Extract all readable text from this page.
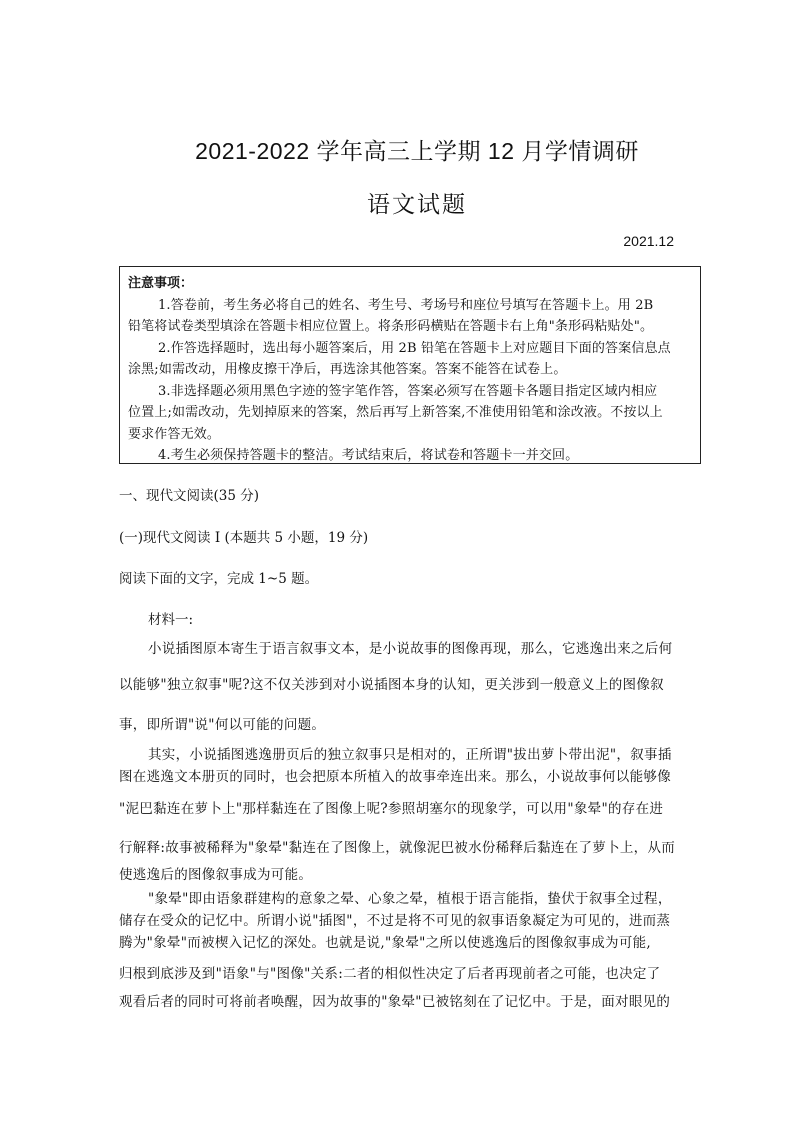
2021-2022 学年高三上学期 12 月学情调研
语文试题
2021.12
注意事项：
1.答卷前，考生务必将自己的姓名、考生号、考场号和座位号填写在答题卡上。用 2B
铅笔将试卷类型填涂在答题卡相应位置上。将条形码横贴在答题卡右上角"条形码粘贴处"。
2.作答选择题时，选出每小题答案后，用 2B 铅笔在答题卡上对应题目下面的答案信息点
涂黑;如需改动，用橡皮擦干净后，再选涂其他答案。答案不能答在试卷上。
3.非选择题必须用黑色字迹的签字笔作答，答案必须写在答题卡各题目指定区域内相应
位置上;如需改动，先划掉原来的答案，然后再写上新答案,不准使用铅笔和涂改液。不按以上
要求作答无效。
4.考生必须保持答题卡的整洁。考试结束后，将试卷和答题卡一并交回。
一、现代文阅读(35 分)
(一)现代文阅读 I (本题共 5 小题，19 分)
阅读下面的文字，完成 1~5 题。
材料一:
小说插图原本寄生于语言叙事文本，是小说故事的图像再现，那么，它逃逸出来之后何
以能够"独立叙事"呢?这不仅关涉到对小说插图本身的认知，更关涉到一般意义上的图像叙
事，即所谓"说"何以可能的问题。
其实，小说插图逃逸册页后的独立叙事只是相对的，正所谓"拔出萝卜带出泥"，叙事插
图在逃逸文本册页的同时，也会把原本所植入的故事牵连出来。那么，小说故事何以能够像
"泥巴黏连在萝卜上"那样黏连在了图像上呢?参照胡塞尔的现象学，可以用"象晕"的存在进
行解释:故事被稀释为"象晕"黏连在了图像上，就像泥巴被水份稀释后黏连在了萝卜上，从而
使逃逸后的图像叙事成为可能。
"象晕"即由语象群建构的意象之晕、心象之晕，植根于语言能指，蛰伏于叙事全过程，
储存在受众的记忆中。所谓小说"插图"，不过是将不可见的叙事语象凝定为可见的，进而蒸
腾为"象晕"而被楔入记忆的深处。也就是说,"象晕"之所以使逃逸后的图像叙事成为可能,
归根到底涉及到"语象"与"图像"关系:二者的相似性决定了后者再现前者之可能，也决定了
观看后者的同时可将前者唤醒，因为故事的"象晕"已被铭刻在了记忆中。于是，面对眼见的
